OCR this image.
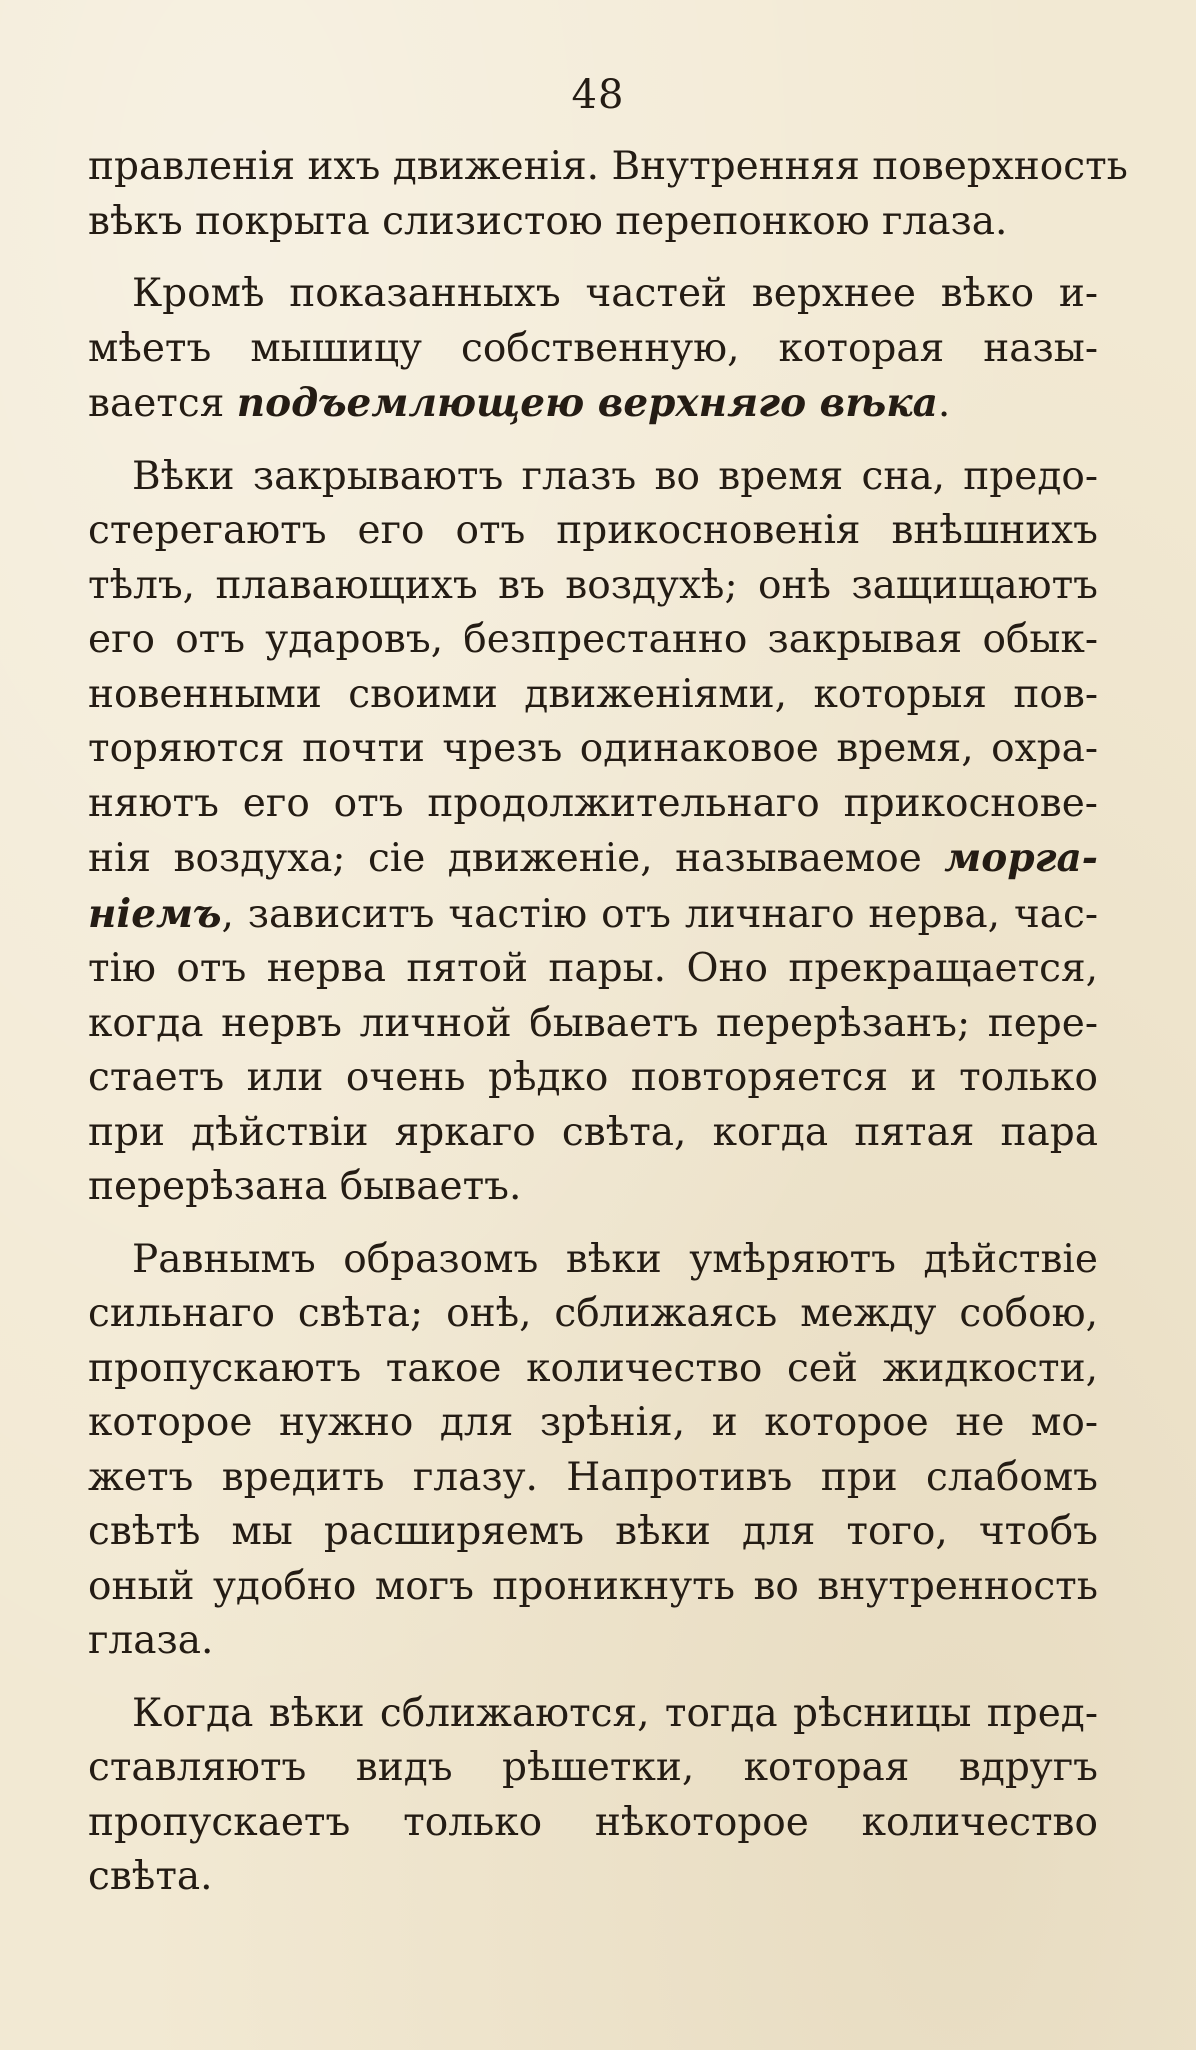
48

правленія ихъ движенія. Внутренняя поверхность
вѣкъ покрыта слизистою перепонкою глаза.

Кромѣ показанныхъ частей верхнее вѣко и-
мѣетъ мышицу собственную, которая назы-
вается подъемлющею верхняго вѣка.

Вѣки закрываютъ глазъ во время сна, предо-
стерегаютъ его отъ прикосновенія внѣшнихъ
тѣлъ, плавающихъ въ воздухѣ; онѣ защищаютъ
его отъ ударовъ, безпрестанно закрывая обык-
новенными своими движеніями, которыя пов-
торяются почти чрезъ одинаковое время, охра-
няютъ его отъ продолжительнаго прикоснове-
нія воздуха; сіе движеніе, называемое морга-
ніемъ, зависитъ частію отъ личнаго нерва, час-
тію отъ нерва пятой пары. Оно прекращается,
когда нервъ личной бываетъ перерѣзанъ; пере-
стаетъ или очень рѣдко повторяется и только
при дѣйствіи яркаго свѣта, когда пятая пара
перерѣзана бываетъ.

Равнымъ образомъ вѣки умѣряютъ дѣйствіе
сильнаго свѣта; онѣ, сближаясь между собою,
пропускаютъ такое количество сей жидкости,
которое нужно для зрѣнія, и которое не мо-
жетъ вредить глазу. Напротивъ при слабомъ
свѣтѣ мы расширяемъ вѣки для того, чтобъ
оный удобно могъ проникнуть во внутренность
глаза.

Когда вѣки сближаются, тогда рѣсницы пред-
ставляютъ видъ рѣшетки, которая вдругъ
пропускаетъ только нѣкоторое количество
свѣта.
